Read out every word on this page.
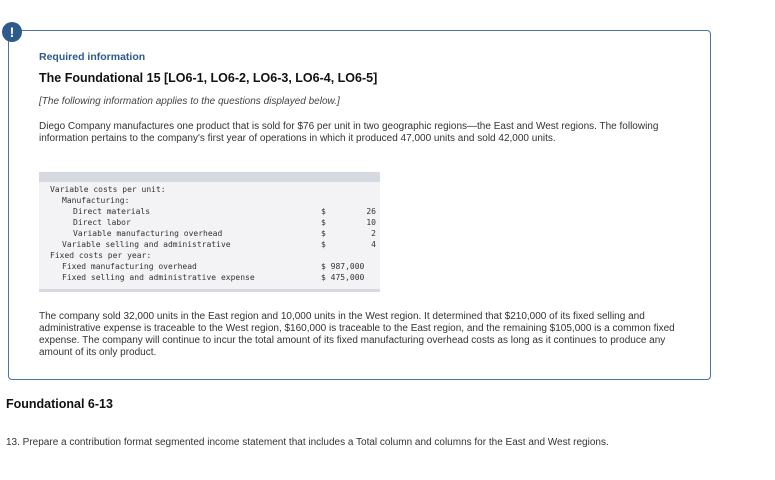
!
Required information
The Foundational 15 [LO6-1, LO6-2, LO6-3, LO6-4, LO6-5]
[The following information applies to the questions displayed below.]
Diego Company manufactures one product that is sold for $76 per unit in two geographic regions—the East and West regions. The following information pertains to the company's first year of operations in which it produced 47,000 units and sold 42,000 units.
Variable costs per unit:
Manufacturing:
Direct materials	$	26
Direct labor	$	10
Variable manufacturing overhead	$	2
Variable selling and administrative	$	4
Fixed costs per year:
Fixed manufacturing overhead	$ 987,000
Fixed selling and administrative expense	$ 475,000
The company sold 32,000 units in the East region and 10,000 units in the West region. It determined that $210,000 of its fixed selling and administrative expense is traceable to the West region, $160,000 is traceable to the East region, and the remaining $105,000 is a common fixed expense. The company will continue to incur the total amount of its fixed manufacturing overhead costs as long as it continues to produce any amount of its only product.
Foundational 6-13
13. Prepare a contribution format segmented income statement that includes a Total column and columns for the East and West regions.
